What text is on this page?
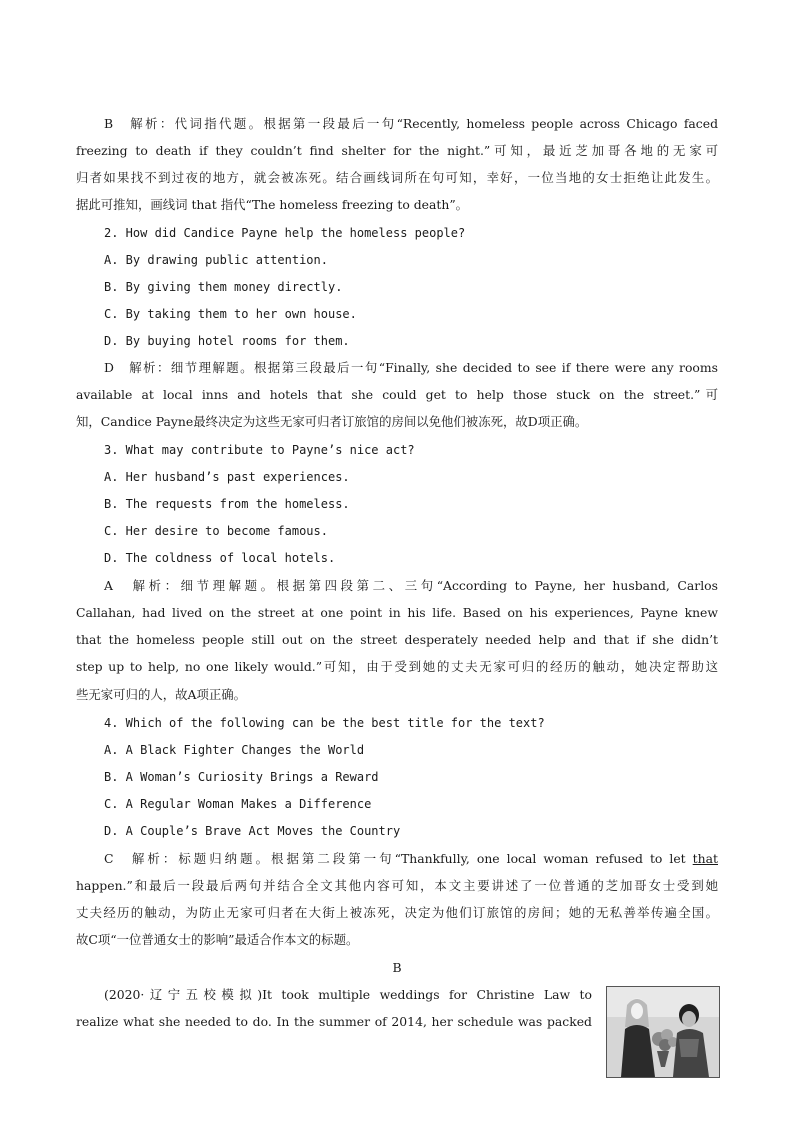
B　解析：代词指代题。根据第一段最后一句“Recently, homeless people across Chicago faced
freezing to death if they couldn’t find shelter for the night.”可知，最近芝加哥各地的无家可
归者如果找不到过夜的地方，就会被冻死。结合画线词所在句可知，幸好，一位当地的女士拒绝让此发生。
据此可推知，画线词 that 指代“The homeless freezing to death”。
2. How did Candice Payne help the homeless people?
A. By drawing public attention.
B. By giving them money directly.
C. By taking them to her own house.
D. By buying hotel rooms for them.
D　解析：细节理解题。根据第三段最后一句“Finally, she decided to see if there were any rooms
available at local inns and hotels that she could get to help those stuck on the street.”可
知，Candice Payne最终决定为这些无家可归者订旅馆的房间以免他们被冻死，故D项正确。
3. What may contribute to Payne’s nice act?
A. Her husband’s past experiences.
B. The requests from the homeless.
C. Her desire to become famous.
D. The coldness of local hotels.
A　解析：细节理解题。根据第四段第二、三句“According to Payne, her husband, Carlos
Callahan, had lived on the street at one point in his life. Based on his experiences, Payne knew
that the homeless people still out on the street desperately needed help and that if she didn’t
step up to help, no one likely would.”可知，由于受到她的丈夫无家可归的经历的触动，她决定帮助这
些无家可归的人，故A项正确。
4. Which of the following can be the best title for the text?
A. A Black Fighter Changes the World
B. A Woman’s Curiosity Brings a Reward
C. A Regular Woman Makes a Difference
D. A Couple’s Brave Act Moves the Country
C　解析：标题归纳题。根据第二段第一句“Thankfully, one local woman refused to let that
happen.”和最后一段最后两句并结合全文其他内容可知，本文主要讲述了一位普通的芝加哥女士受到她
丈夫经历的触动，为防止无家可归者在大街上被冻死，决定为他们订旅馆的房间；她的无私善举传遍全国。
故C项“一位普通女士的影响”最适合作本文的标题。
B
(2020·辽宁五校模拟)It took multiple weddings for Christine Law to
realize what she needed to do. In the summer of 2014, her schedule was packed
